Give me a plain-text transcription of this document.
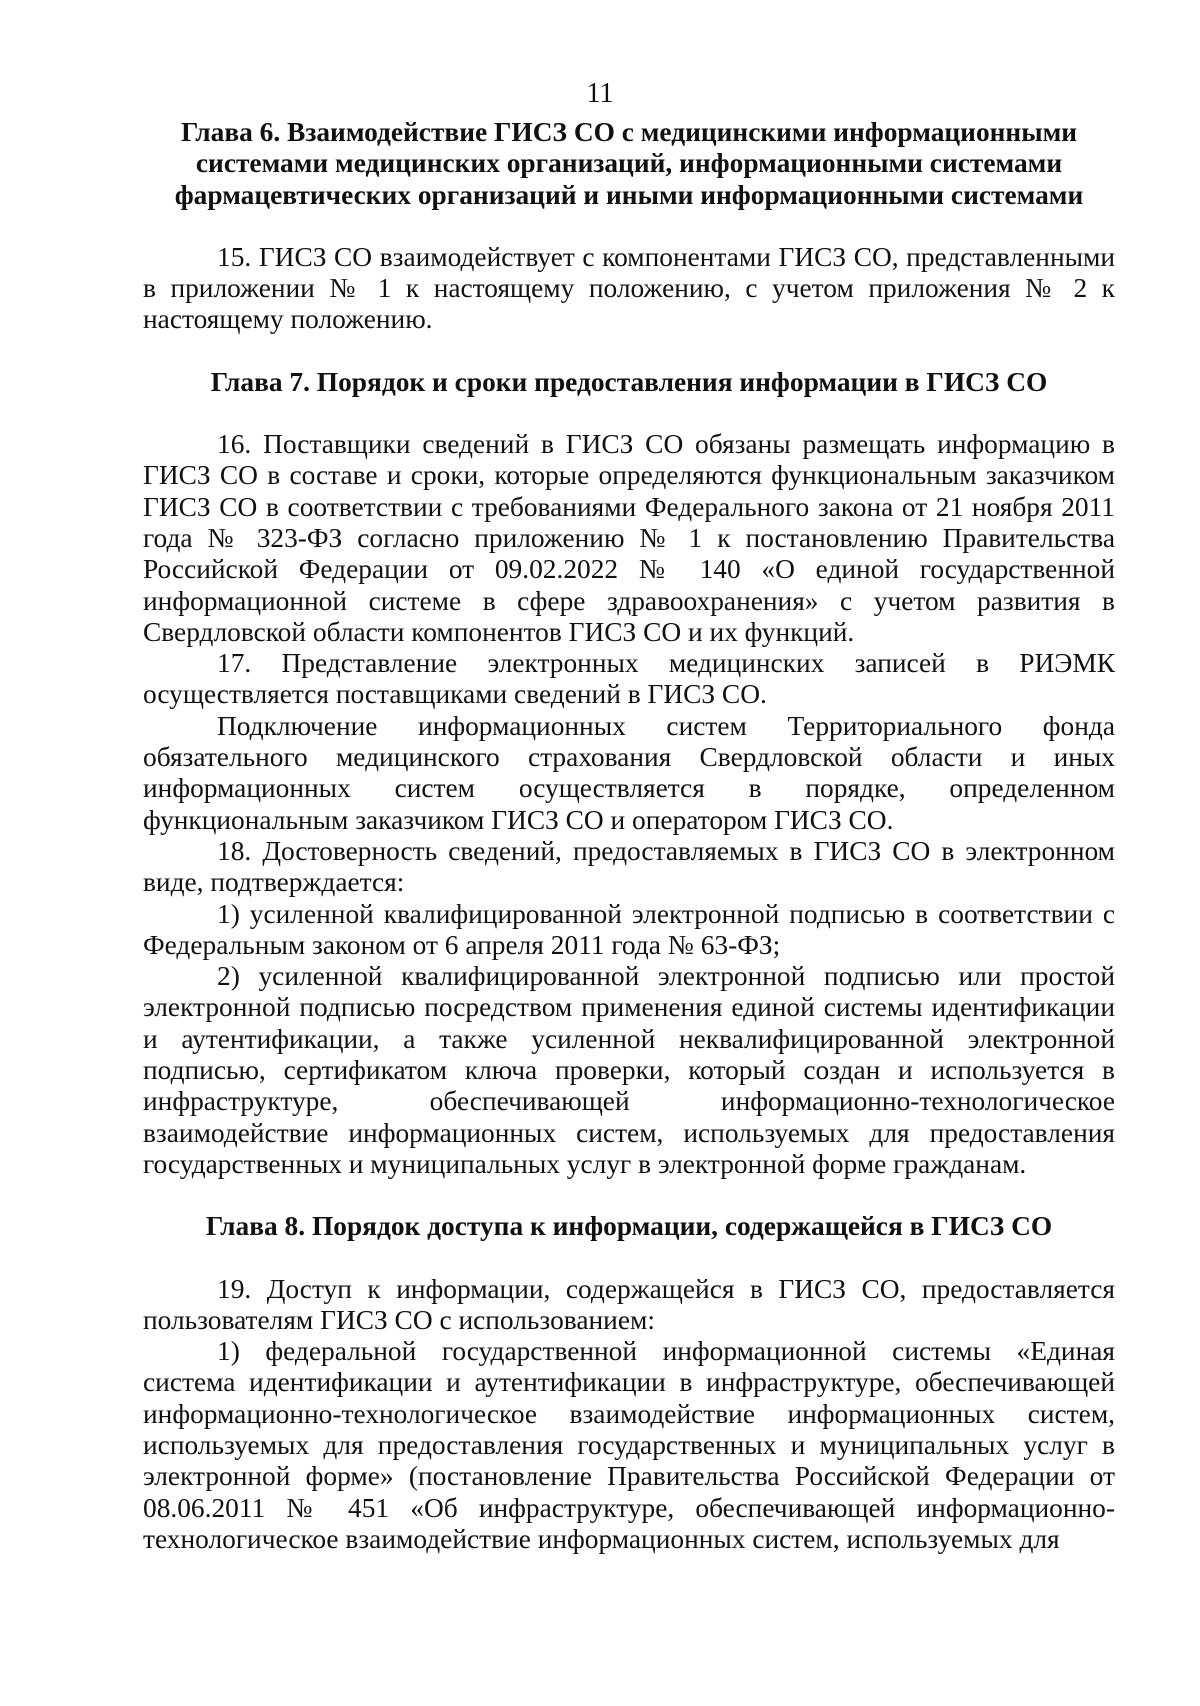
11

Глава 6. Взаимодействие ГИСЗ СО с медицинскими информационными системами медицинских организаций, информационными системами фармацевтических организаций и иными информационными системами

15. ГИСЗ СО взаимодействует с компонентами ГИСЗ СО, представленными в приложении № 1 к настоящему положению, с учетом приложения № 2 к настоящему положению.

Глава 7. Порядок и сроки предоставления информации в ГИСЗ СО

16. Поставщики сведений в ГИСЗ СО обязаны размещать информацию в ГИСЗ СО в составе и сроки, которые определяются функциональным заказчиком ГИСЗ СО в соответствии с требованиями Федерального закона от 21 ноября 2011 года № 323-ФЗ согласно приложению № 1 к постановлению Правительства Российской Федерации от 09.02.2022 № 140 «О единой государственной информационной системе в сфере здравоохранения» с учетом развития в Свердловской области компонентов ГИСЗ СО и их функций.

17. Представление электронных медицинских записей в РИЭМК осуществляется поставщиками сведений в ГИСЗ СО.

Подключение информационных систем Территориального фонда обязательного медицинского страхования Свердловской области и иных информационных систем осуществляется в порядке, определенном функциональным заказчиком ГИСЗ СО и оператором ГИСЗ СО.

18. Достоверность сведений, предоставляемых в ГИСЗ СО в электронном виде, подтверждается:

1) усиленной квалифицированной электронной подписью в соответствии с Федеральным законом от 6 апреля 2011 года № 63-ФЗ;

2) усиленной квалифицированной электронной подписью или простой электронной подписью посредством применения единой системы идентификации и аутентификации, а также усиленной неквалифицированной электронной подписью, сертификатом ключа проверки, который создан и используется в инфраструктуре, обеспечивающей информационно-технологическое взаимодействие информационных систем, используемых для предоставления государственных и муниципальных услуг в электронной форме гражданам.

Глава 8. Порядок доступа к информации, содержащейся в ГИСЗ СО

19. Доступ к информации, содержащейся в ГИСЗ СО, предоставляется пользователям ГИСЗ СО с использованием:

1) федеральной государственной информационной системы «Единая система идентификации и аутентификации в инфраструктуре, обеспечивающей информационно-технологическое взаимодействие информационных систем, используемых для предоставления государственных и муниципальных услуг в электронной форме» (постановление Правительства Российской Федерации от 08.06.2011 № 451 «Об инфраструктуре, обеспечивающей информационно-технологическое взаимодействие информационных систем, используемых для
